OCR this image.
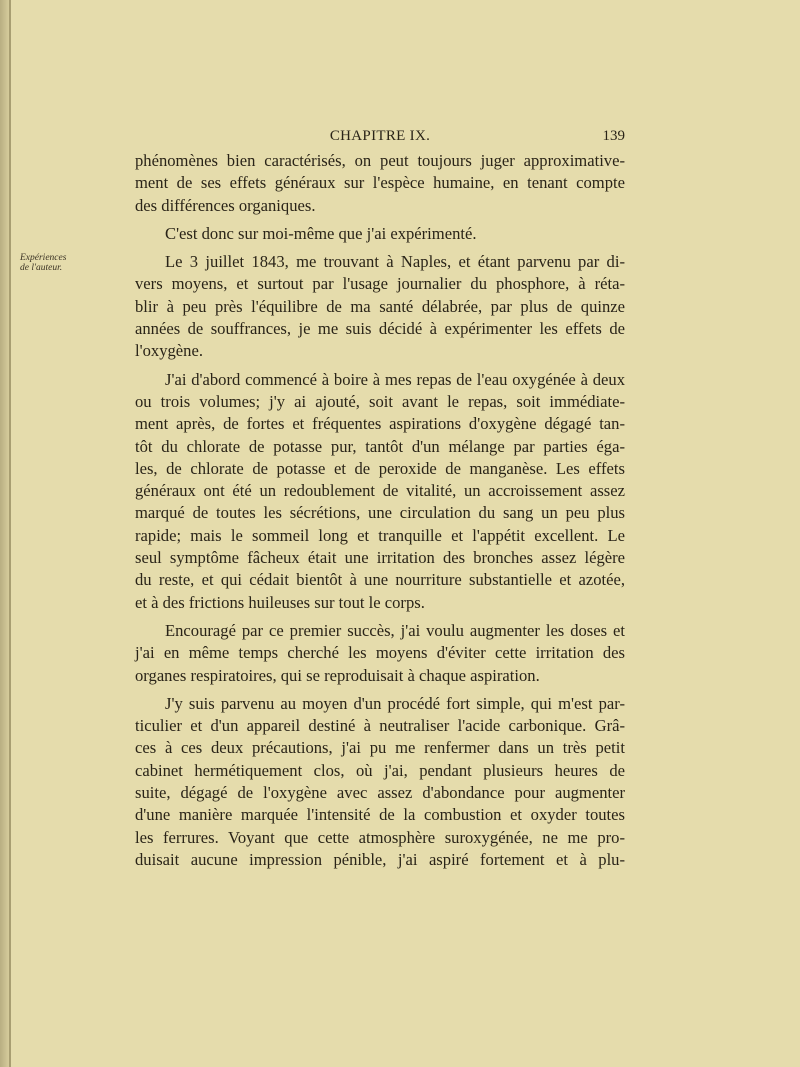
CHAPITRE IX.	139
Expériences
de l'auteur.
phénomènes bien caractérisés, on peut toujours juger approximative-
ment de ses effets généraux sur l'espèce humaine, en tenant compte
des différences organiques.
C'est donc sur moi-même que j'ai expérimenté.
Le 3 juillet 1843, me trouvant à Naples, et étant parvenu par di-
vers moyens, et surtout par l'usage journalier du phosphore, à réta-
blir à peu près l'équilibre de ma santé délabrée, par plus de quinze
années de souffrances, je me suis décidé à expérimenter les effets de
l'oxygène.
J'ai d'abord commencé à boire à mes repas de l'eau oxygénée à deux
ou trois volumes; j'y ai ajouté, soit avant le repas, soit immédiate-
ment après, de fortes et fréquentes aspirations d'oxygène dégagé tan-
tôt du chlorate de potasse pur, tantôt d'un mélange par parties éga-
les, de chlorate de potasse et de peroxide de manganèse. Les effets
généraux ont été un redoublement de vitalité, un accroissement assez
marqué de toutes les sécrétions, une circulation du sang un peu plus
rapide; mais le sommeil long et tranquille et l'appétit excellent. Le
seul symptôme fâcheux était une irritation des bronches assez légère
du reste, et qui cédait bientôt à une nourriture substantielle et azotée,
et à des frictions huileuses sur tout le corps.
Encouragé par ce premier succès, j'ai voulu augmenter les doses et
j'ai en même temps cherché les moyens d'éviter cette irritation des
organes respiratoires, qui se reproduisait à chaque aspiration.
J'y suis parvenu au moyen d'un procédé fort simple, qui m'est par-
ticulier et d'un appareil destiné à neutraliser l'acide carbonique. Grâ-
ces à ces deux précautions, j'ai pu me renfermer dans un très petit
cabinet hermétiquement clos, où j'ai, pendant plusieurs heures de
suite, dégagé de l'oxygène avec assez d'abondance pour augmenter
d'une manière marquée l'intensité de la combustion et oxyder toutes
les ferrures. Voyant que cette atmosphère suroxygénée, ne me pro-
duisait aucune impression pénible, j'ai aspiré fortement et à plu-
